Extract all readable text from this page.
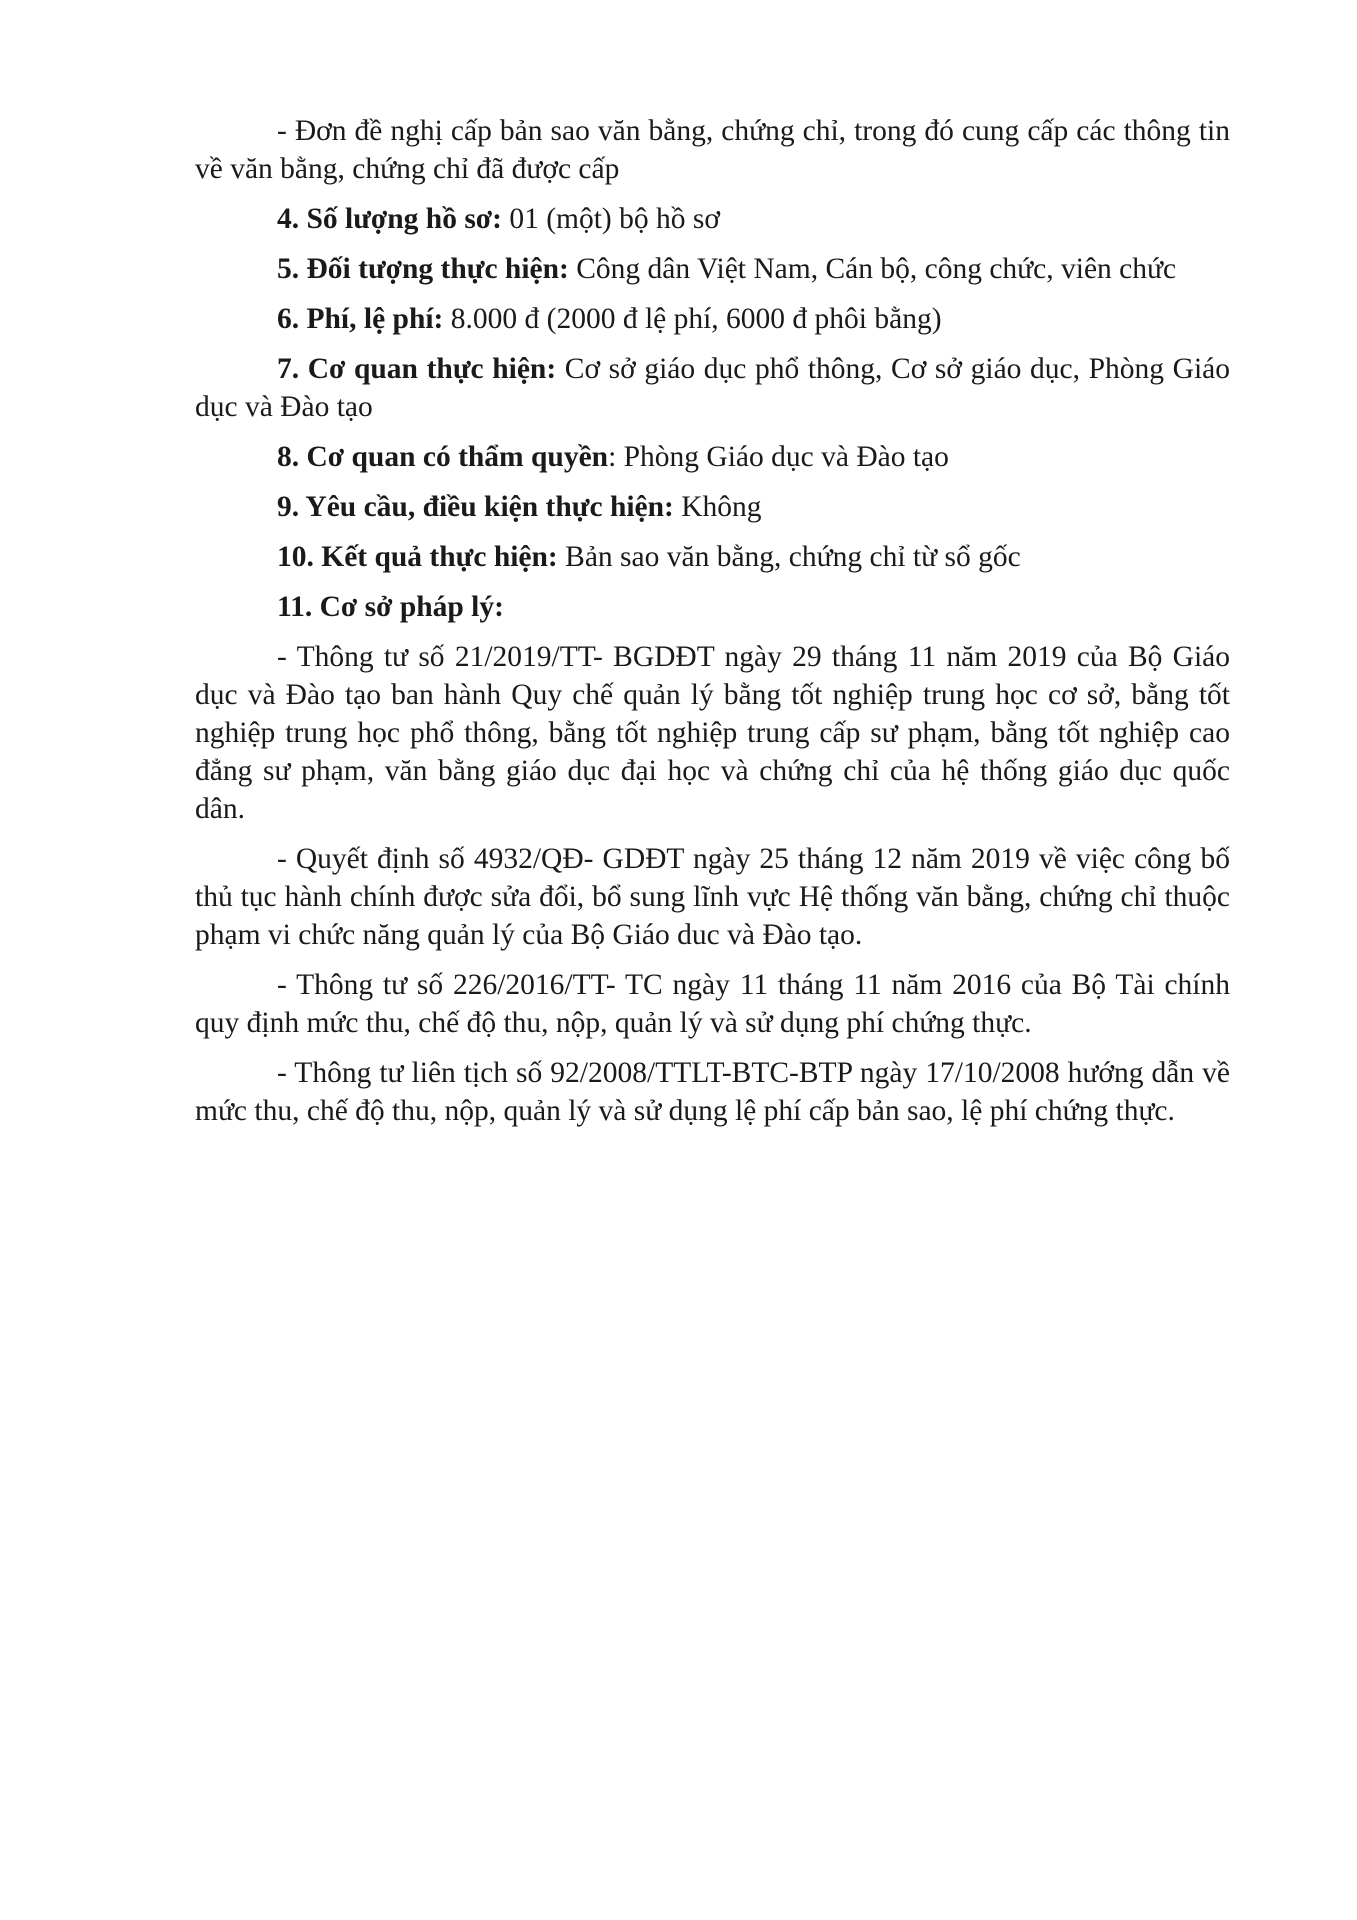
- Đơn đề nghị cấp bản sao văn bằng, chứng chỉ, trong đó cung cấp các thông tin về văn bằng, chứng chỉ đã được cấp

4. Số lượng hồ sơ: 01 (một) bộ hồ sơ

5. Đối tượng thực hiện: Công dân Việt Nam, Cán bộ, công chức, viên chức

6. Phí, lệ phí: 8.000 đ (2000 đ lệ phí, 6000 đ phôi bằng)

7. Cơ quan thực hiện: Cơ sở giáo dục phổ thông, Cơ sở giáo dục, Phòng Giáo dục và Đào tạo

8. Cơ quan có thẩm quyền: Phòng Giáo dục và Đào tạo

9. Yêu cầu, điều kiện thực hiện: Không

10. Kết quả thực hiện: Bản sao văn bằng, chứng chỉ từ sổ gốc

11. Cơ sở pháp lý:

- Thông tư số 21/2019/TT- BGDĐT ngày 29 tháng 11 năm 2019 của Bộ Giáo dục và Đào tạo ban hành Quy chế quản lý bằng tốt nghiệp trung học cơ sở, bằng tốt nghiệp trung học phổ thông, bằng tốt nghiệp trung cấp sư phạm, bằng tốt nghiệp cao đẳng sư phạm, văn bằng giáo dục đại học và chứng chỉ của hệ thống giáo dục quốc dân.

- Quyết định số 4932/QĐ- GDĐT ngày 25 tháng 12 năm 2019 về việc công bố thủ tục hành chính được sửa đổi, bổ sung lĩnh vực Hệ thống văn bằng, chứng chỉ thuộc phạm vi chức năng quản lý của Bộ Giáo duc và Đào tạo.

- Thông tư số 226/2016/TT- TC ngày 11 tháng 11 năm 2016 của Bộ Tài chính quy định mức thu, chế độ thu, nộp, quản lý và sử dụng phí chứng thực.

- Thông tư liên tịch số 92/2008/TTLT-BTC-BTP ngày 17/10/2008 hướng dẫn về mức thu, chế độ thu, nộp, quản lý và sử dụng lệ phí cấp bản sao, lệ phí chứng thực.
